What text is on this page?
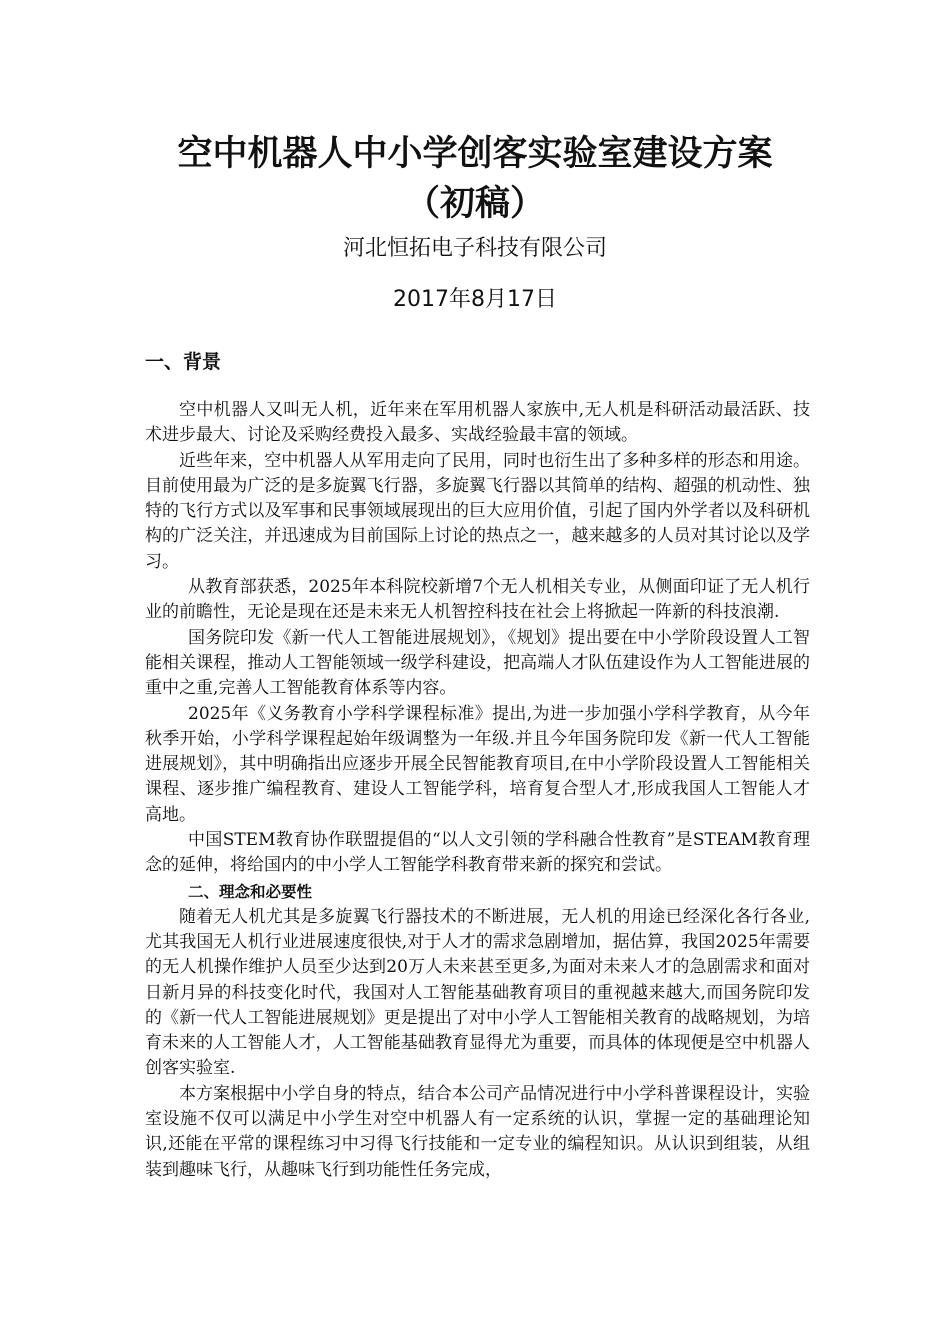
空中机器人中小学创客实验室建设方案
（初稿）
河北恒拓电子科技有限公司
2017年8月17日
一、背景

空中机器人又叫无人机，近年来在军用机器人家族中,无人机是科研活动最活跃、技术进步最大、讨论及采购经费投入最多、实战经验最丰富的领域。

近些年来，空中机器人从军用走向了民用，同时也衍生出了多种多样的形态和用途。目前使用最为广泛的是多旋翼飞行器，多旋翼飞行器以其简单的结构、超强的机动性、独特的飞行方式以及军事和民事领域展现出的巨大应用价值，引起了国内外学者以及科研机构的广泛关注，并迅速成为目前国际上讨论的热点之一，越来越多的人员对其讨论以及学习。

从教育部获悉，2025年本科院校新增7个无人机相关专业，从侧面印证了无人机行业的前瞻性，无论是现在还是未来无人机智控科技在社会上将掀起一阵新的科技浪潮.

国务院印发《新一代人工智能进展规划》，《规划》提出要在中小学阶段设置人工智能相关课程，推动人工智能领域一级学科建设，把高端人才队伍建设作为人工智能进展的重中之重,完善人工智能教育体系等内容。

2025年《义务教育小学科学课程标准》提出,为进一步加强小学科学教育，从今年秋季开始，小学科学课程起始年级调整为一年级.并且今年国务院印发《新一代人工智能进展规划》，其中明确指出应逐步开展全民智能教育项目,在中小学阶段设置人工智能相关课程、逐步推广编程教育、建设人工智能学科，培育复合型人才,形成我国人工智能人才高地。

中国STEM教育协作联盟提倡的“以人文引领的学科融合性教育”是STEAM教育理念的延伸，将给国内的中小学人工智能学科教育带来新的探究和尝试。

二、理念和必要性

随着无人机尤其是多旋翼飞行器技术的不断进展，无人机的用途已经深化各行各业,尤其我国无人机行业进展速度很快,对于人才的需求急剧增加，据估算，我国2025年需要的无人机操作维护人员至少达到20万人未来甚至更多,为面对未来人才的急剧需求和面对日新月异的科技变化时代，我国对人工智能基础教育项目的重视越来越大,而国务院印发的《新一代人工智能进展规划》更是提出了对中小学人工智能相关教育的战略规划，为培育未来的人工智能人才，人工智能基础教育显得尤为重要，而具体的体现便是空中机器人创客实验室.

本方案根据中小学自身的特点，结合本公司产品情况进行中小学科普课程设计，实验室设施不仅可以满足中小学生对空中机器人有一定系统的认识，掌握一定的基础理论知识,还能在平常的课程练习中习得飞行技能和一定专业的编程知识。从认识到组装，从组装到趣味飞行，从趣味飞行到功能性任务完成，
